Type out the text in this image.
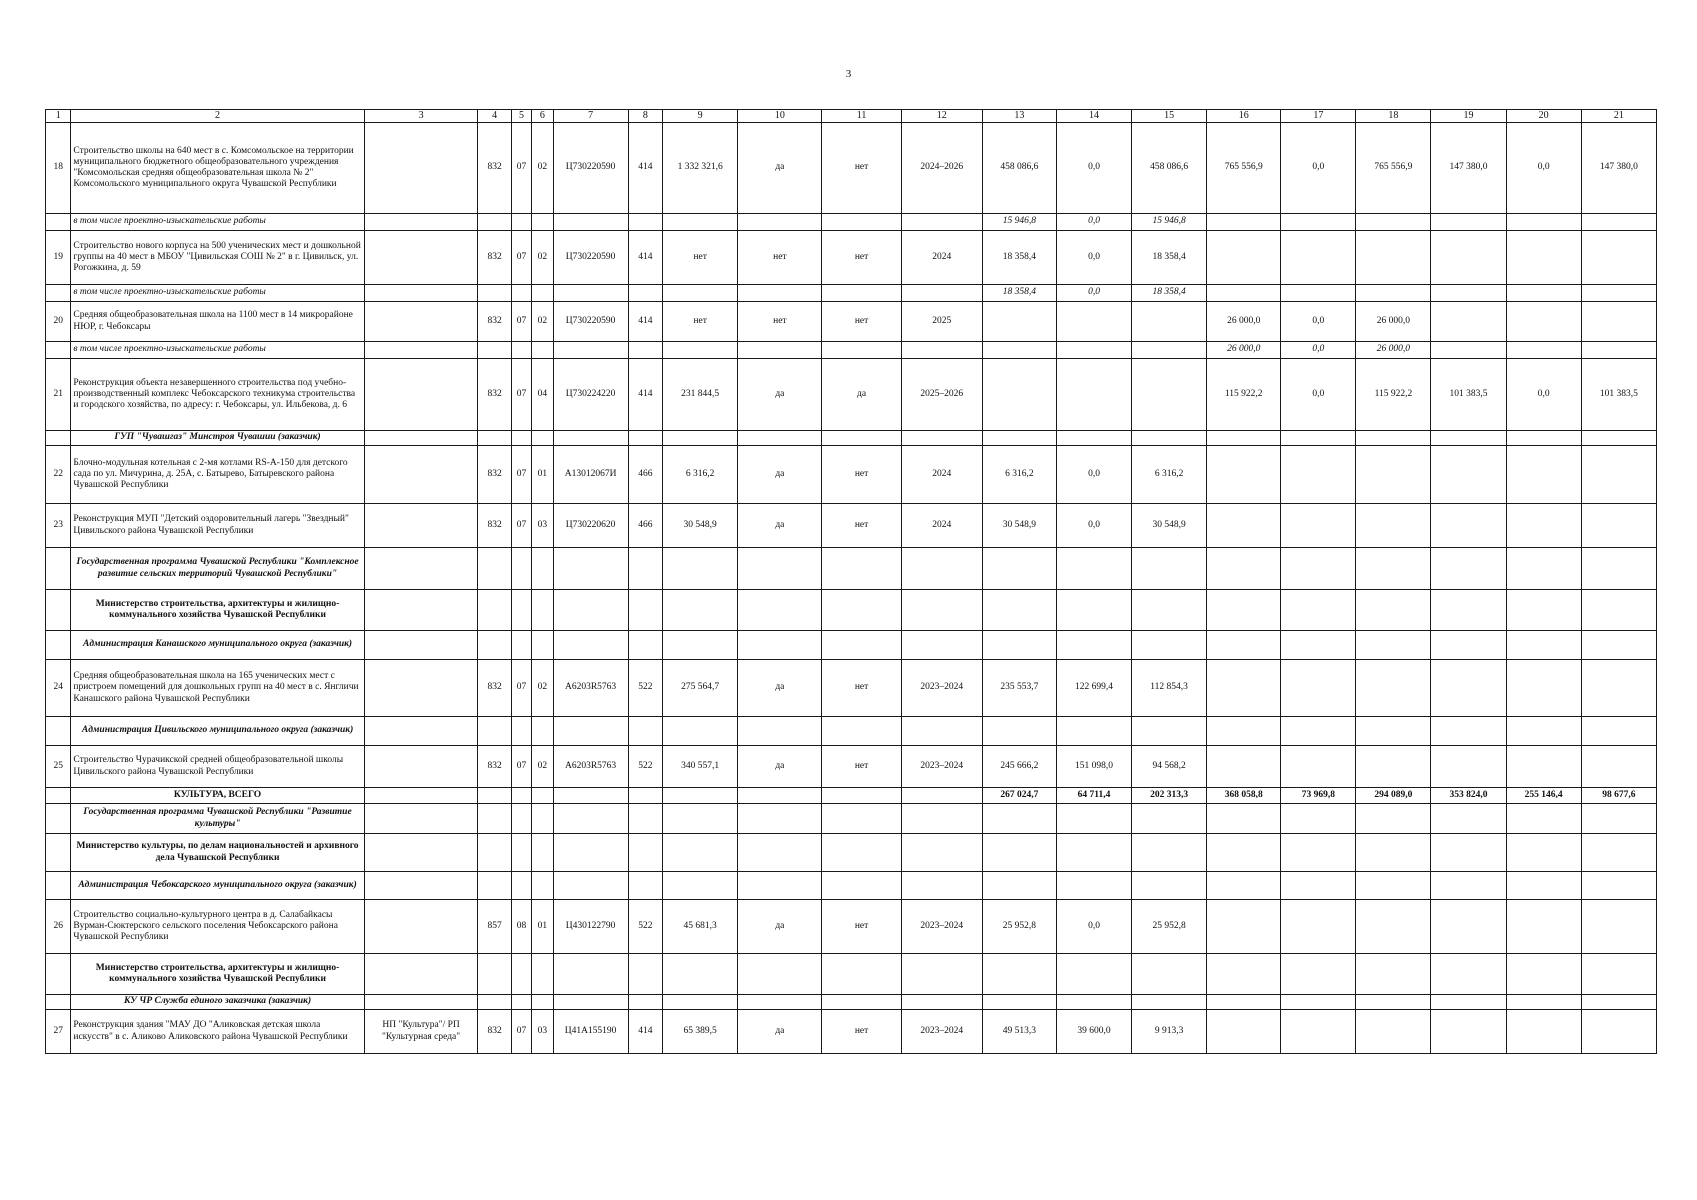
3
1	2	3	4	5	6	7	8	9	10	11	12	13	14	15	16	17	18	19	20	21
18	Строительство школы на 640 мест в с. Комсомольское на территории муниципального бюджетного общеобразовательного учреждения "Комсомольская средняя общеобразовательная школа № 2" Комсомольского муниципального округа Чувашской Республики		832	07	02	Ц730220590	414	1 332 321,6	да	нет	2024–2026	458 086,6	0,0	458 086,6	765 556,9	0,0	765 556,9	147 380,0	0,0	147 380,0
	в том числе проектно-изыскательские работы											15 946,8	0,0	15 946,8						
19	Строительство нового корпуса на 500 ученических мест и дошкольной группы на 40 мест в МБОУ "Цивильская СОШ № 2" в г. Цивильск, ул. Рогожкина, д. 59		832	07	02	Ц730220590	414	нет	нет	нет	2024	18 358,4	0,0	18 358,4						
	в том числе проектно-изыскательские работы											18 358,4	0,0	18 358,4						
20	Средняя общеобразовательная школа на 1100 мест в 14 микрорайоне НЮР, г. Чебоксары		832	07	02	Ц730220590	414	нет	нет	нет	2025				26 000,0	0,0	26 000,0			
	в том числе проектно-изыскательские работы														26 000,0	0,0	26 000,0			
21	Реконструкция объекта незавершенного строительства под учебно-производственный комплекс Чебоксарского техникума строительства и городского хозяйства, по адресу: г. Чебоксары, ул. Ильбекова, д. 6		832	07	04	Ц730224220	414	231 844,5	да	да	2025–2026				115 922,2	0,0	115 922,2	101 383,5	0,0	101 383,5
	ГУП "Чувашгаз" Минстроя Чувашии (заказчик)																			
22	Блочно-модульная котельная с 2-мя котлами RS-A-150 для детского сада по ул. Мичурина, д. 25А, с. Батырево, Батыревского района Чувашской Республики		832	07	01	А13012067И	466	6 316,2	да	нет	2024	6 316,2	0,0	6 316,2						
23	Реконструкция МУП "Детский оздоровительный лагерь "Звездный" Цивильского района Чувашской Республики		832	07	03	Ц730220620	466	30 548,9	да	нет	2024	30 548,9	0,0	30 548,9						
	Государственная программа Чувашской Республики "Комплексное развитие сельских территорий Чувашской Республики"																			
	Министерство строительства, архитектуры и жилищно-коммунального хозяйства Чувашской Республики																			
	Администрация Канашского муниципального округа (заказчик)																			
24	Средняя общеобразовательная школа на 165 ученических мест с пристроем помещений для дошкольных групп на 40 мест в с. Янгличи Канашского района Чувашской Республики		832	07	02	А6203R5763	522	275 564,7	да	нет	2023–2024	235 553,7	122 699,4	112 854,3						
	Администрация Цивильского муниципального округа (заказчик)																			
25	Строительство Чурачикской средней общеобразовательной школы Цивильского района Чувашской Республики		832	07	02	А6203R5763	522	340 557,1	да	нет	2023–2024	245 666,2	151 098,0	94 568,2						
	КУЛЬТУРА, ВСЕГО											267 024,7	64 711,4	202 313,3	368 058,8	73 969,8	294 089,0	353 824,0	255 146,4	98 677,6
	Государственная программа Чувашской Республики "Развитие культуры"																			
	Министерство культуры, по делам национальностей и архивного дела Чувашской Республики																			
	Администрация Чебоксарского муниципального округа (заказчик)																			
26	Строительство социально-культурного центра в д. Салабайкасы Вурман-Сюктерского сельского поселения Чебоксарского района Чувашской Республики		857	08	01	Ц430122790	522	45 681,3	да	нет	2023–2024	25 952,8	0,0	25 952,8						
	Министерство строительства, архитектуры и жилищно-коммунального хозяйства Чувашской Республики																			
	КУ ЧР Служба единого заказчика (заказчик)																			
27	Реконструкция здания "МАУ ДО "Аликовская детская школа искусств" в с. Аликово Аликовского района Чувашской Республики	НП "Культура"/ РП "Культурная среда"	832	07	03	Ц41А155190	414	65 389,5	да	нет	2023–2024	49 513,3	39 600,0	9 913,3						
